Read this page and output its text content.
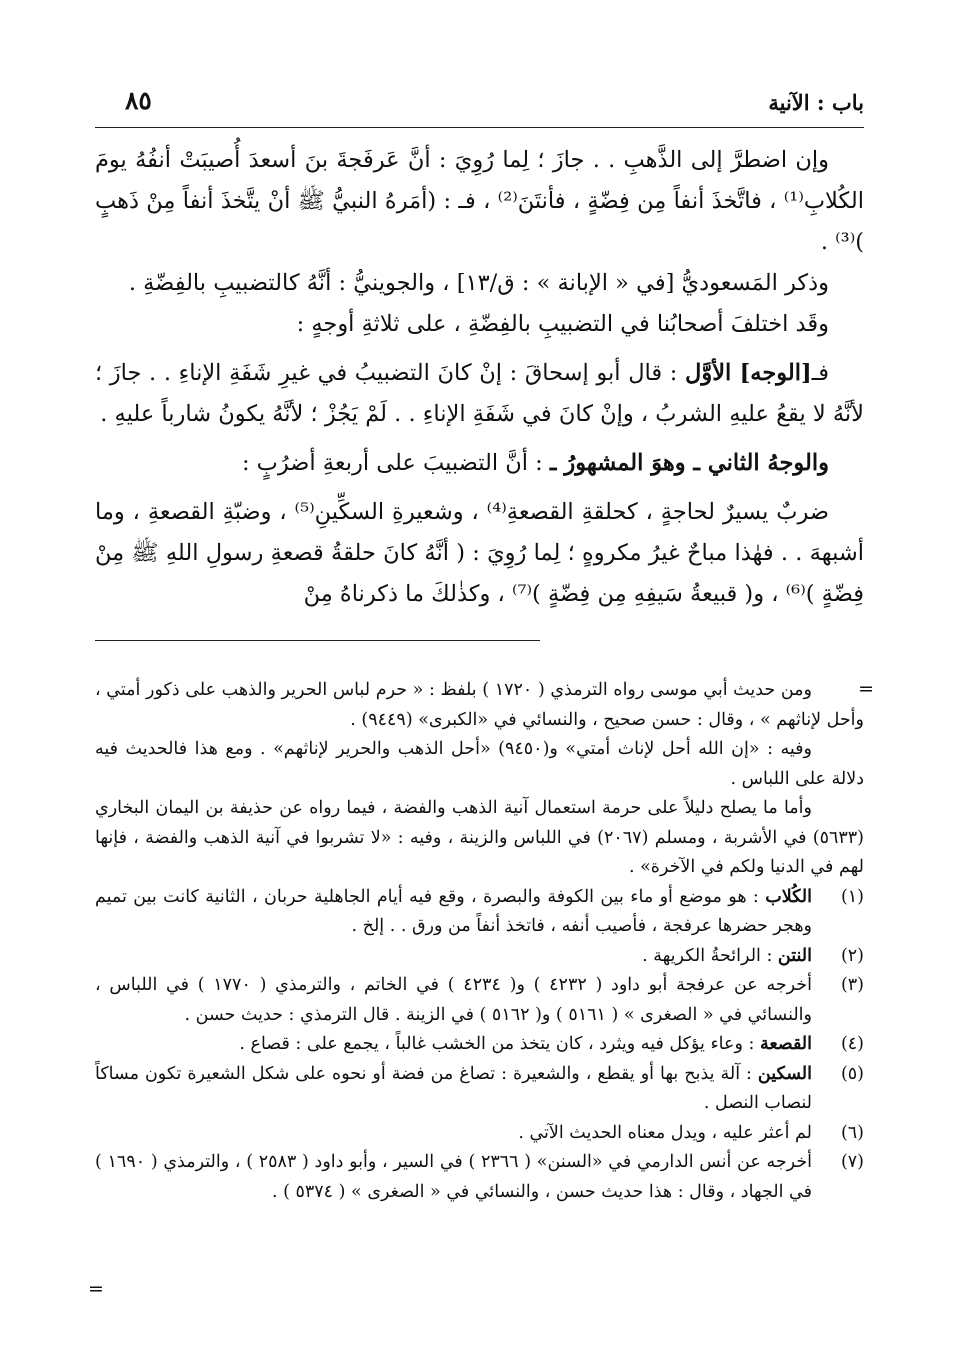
باب : الآنية
٨٥

وإن اضطرَّ إلى الذَّهبِ . . جازَ ؛ لِما رُوِيَ : أنَّ عَرفَجةَ بنَ أسعدَ أُصيبَتْ أنفُهُ يومَ الكُلابِ⁽¹⁾ ، فاتَّخذَ أنفاً مِن فِضّةٍ ، فأنتَنَ⁽²⁾ ، فـ : (أمَرهُ النبيُّ ﷺ أنْ يتَّخذَ أنفاً مِنْ ذَهبٍ )⁽³⁾ .

وذكر المَسعوديُّ [في « الإبانة » : ق/١٣] ، والجوينيُّ : أنَّهُ كالتضبيبِ بالفِضّةِ .

وقَد اختلفَ أصحابُنا في التضبيبِ بالفِضّةِ ، على ثلاثةِ أوجهٍ :

فـ[الوجه] الأوَّل : قال أبو إسحاقَ : إنْ كانَ التضبيبُ في غيرِ شَفَةِ الإناءِ . . جازَ ؛ لأنَّهُ لا يقعُ عليهِ الشربُ ، وإنْ كانَ في شَفَةِ الإناءِ . . لَمْ يَجُزْ ؛ لأنَّهُ يكونُ شارباً عليهِ .

والوجهُ الثاني ـ وهوَ المشهورُ ـ : أنَّ التضبيبَ على أربعةِ أضرُبٍ :

ضربٌ يسيرٌ لحاجةٍ ، كحلقةِ القصعةِ⁽⁴⁾ ، وشعيرةِ السكِّينِ⁽⁵⁾ ، وضبّةِ القصعةِ ، وما أشبههَ . . فهٰذا مباحٌ غيرُ مكروهٍ ؛ لِما رُوِيَ : ( أنَّهُ كانَ حلقةُ قصعةِ رسولِ اللهِ ﷺ مِنْ فِضّةٍ )⁽⁶⁾ ، و( قبيعةُ سَيفِهِ مِن فِضّةٍ )⁽⁷⁾ ، وكذٰلكَ ما ذكرناهُ مِنْ

=
ومن حديث أبي موسى رواه الترمذي ( ١٧٢٠ ) بلفظ : « حرم لباس الحرير والذهب على ذكور أمتي ، وأحل لإناثهم » ، وقال : حسن صحيح ، والنسائي في «الكبرى» (٩٤٤٩) .
وفيه : «إن الله أحل لإناث أمتي» و(٩٤٥٠) «أحل الذهب والحرير لإناثهم» . ومع هذا فالحديث فيه دلالة على اللباس .
وأما ما يصلح دليلاً على حرمة استعمال آنية الذهب والفضة ، فيما رواه عن حذيفة بن اليمان البخاري (٥٦٣٣) في الأشربة ، ومسلم (٢٠٦٧) في اللباس والزينة ، وفيه : «لا تشربوا في آنية الذهب والفضة ، فإنها لهم في الدنيا ولكم في الآخرة» .
(١)
الكُلاب : هو موضع أو ماء بين الكوفة والبصرة ، وقع فيه أيام الجاهلية حربان ، الثانية كانت بين تميم وهجر حضرها عرفجة ، فأصيب أنفه ، فاتخذ أنفاً من ورق . . إلخ .
(٢)
النتن : الرائحةُ الكريهة .
(٣)
أخرجه عن عرفجة أبو داود ( ٤٢٣٢ ) و( ٤٢٣٤ ) في الخاتم ، والترمذي ( ١٧٧٠ ) في اللباس ، والنسائي في « الصغرى » ( ٥١٦١ ) و( ٥١٦٢ ) في الزينة . قال الترمذي : حديث حسن .
(٤)
القصعة : وعاء يؤكل فيه ويثرد ، كان يتخذ من الخشب غالباً ، يجمع على : قصاع .
(٥)
السكين : آلة يذبح بها أو يقطع ، والشعيرة : تصاغ من فضة أو نحوه على شكل الشعيرة تكون مساكاً لنصاب النصل .
(٦)
لم أعثر عليه ، ويدل معناه الحديث الآتي .
(٧)
أخرجه عن أنس الدارمي في «السنن» ( ٢٣٦٦ ) في السير ، وأبو داود ( ٢٥٨٣ ) ، والترمذي ( ١٦٩٠ ) في الجهاد ، وقال : هذا حديث حسن ، والنسائي في « الصغرى » ( ٥٣٧٤ ) .
=
